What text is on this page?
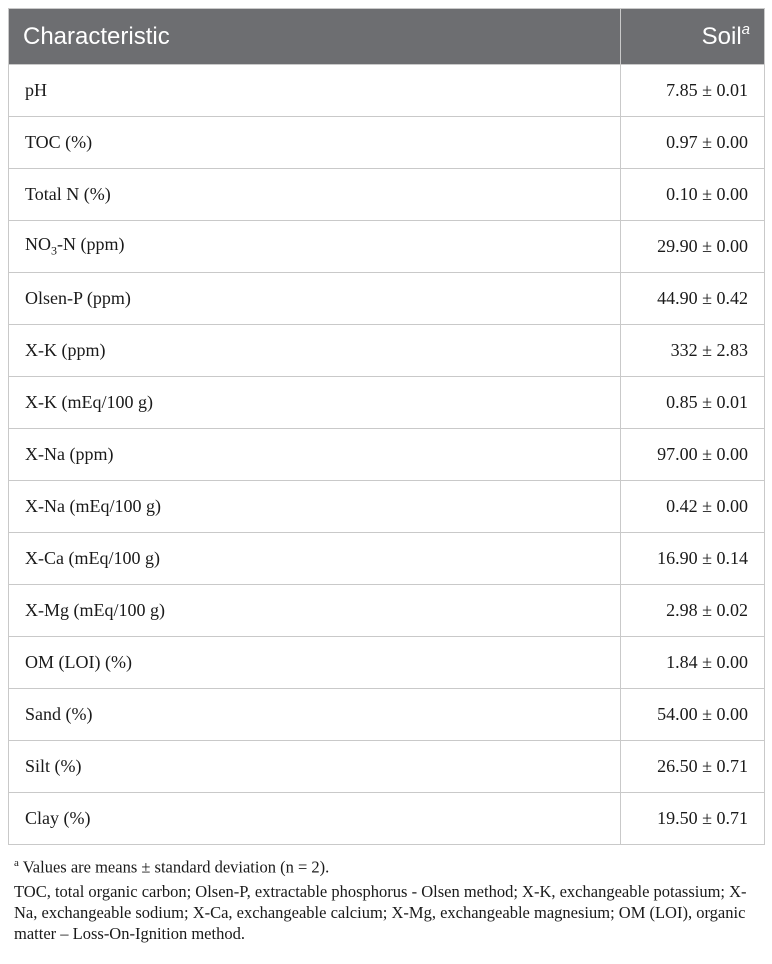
Characteristic	Soil$^a$
pH	7.85 ± 0.01
TOC (%)	0.97 ± 0.00
Total N (%)	0.10 ± 0.00
$NO_3-N$ (ppm)	29.90 ± 0.00
Olsen-P (ppm)	44.90 ± 0.42
X-K (ppm)	332 ± 2.83
X-K (mEq/100 g)	0.85 ± 0.01
X-Na (ppm)	97.00 ± 0.00
X-Na (mEq/100 g)	0.42 ± 0.00
X-Ca (mEq/100 g)	16.90 ± 0.14
X-Mg (mEq/100 g)	2.98 ± 0.02
OM (LOI) (%)	1.84 ± 0.00
Sand (%)	54.00 ± 0.00
Silt (%)	26.50 ± 0.71
Clay (%)	19.50 ± 0.71

$^a$ Values are means ± standard deviation (n = 2).

TOC, total organic carbon; Olsen-P, extractable phosphorus - Olsen method; X-K, exchangeable potassium; X-Na, exchangeable sodium; X-Ca, exchangeable calcium; X-Mg, exchangeable magnesium; OM (LOI), organic matter – Loss-On-Ignition method.
